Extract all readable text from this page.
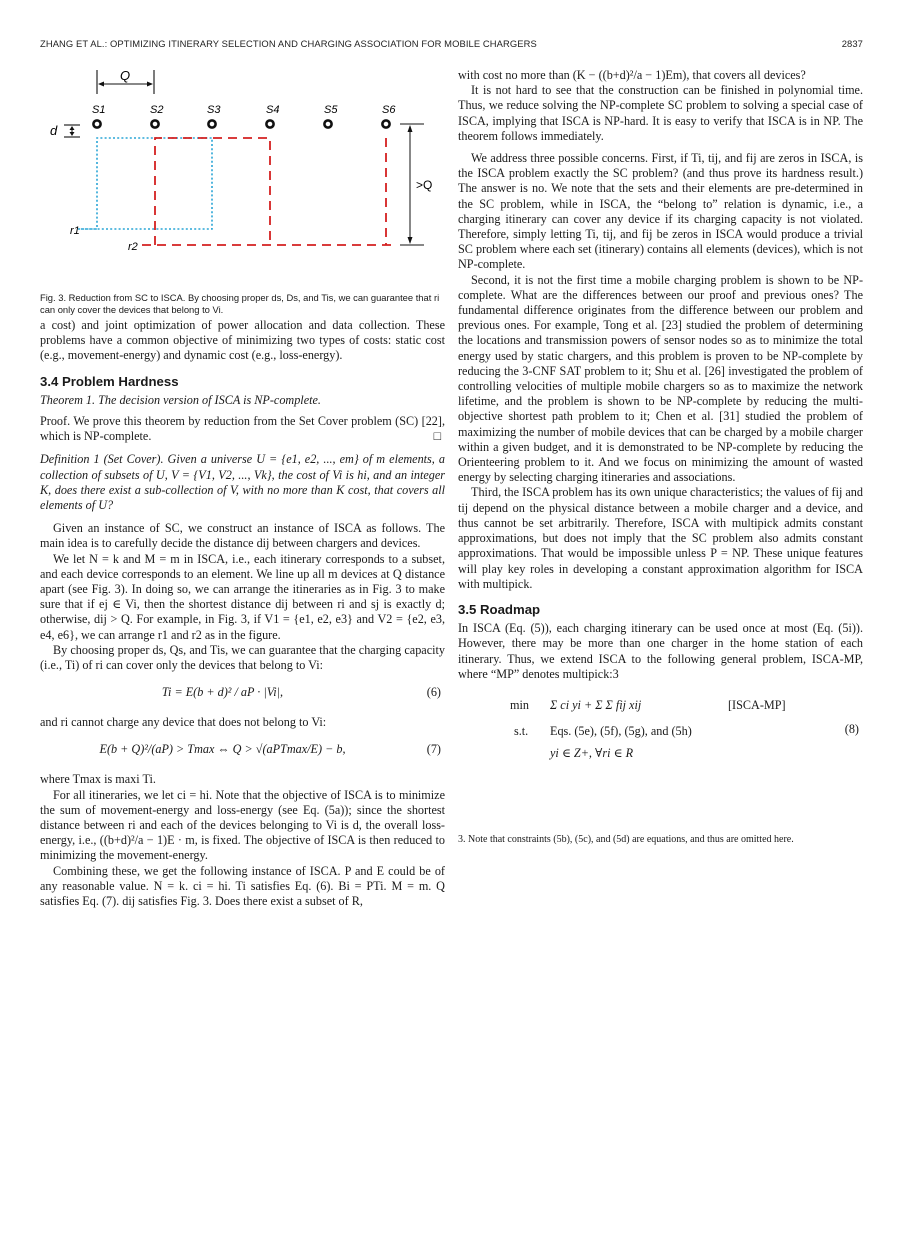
ZHANG ET AL.: OPTIMIZING ITINERARY SELECTION AND CHARGING ASSOCIATION FOR MOBILE CHARGERS	2837
Q
S1	S2	S3	S4	S5	S6
d
r1
r2
>Q
Fig. 3. Reduction from SC to ISCA. By choosing proper ds, Ds, and Tis, we can guarantee that ri can only cover the devices that belong to Vi.

a cost) and joint optimization of power allocation and data collection. These problems have a common objective of minimizing two types of costs: static cost (e.g., movement-energy) and dynamic cost (e.g., loss-energy).

3.4 Problem Hardness

Theorem 1. The decision version of ISCA is NP-complete.

Proof. We prove this theorem by reduction from the Set Cover problem (SC) [22], which is NP-complete.	□

Definition 1 (Set Cover). Given a universe U = {e1, e2, ..., em} of m elements, a collection of subsets of U, V = {V1, V2, ..., Vk}, the cost of Vi is hi, and an integer K, does there exist a sub-collection of V, with no more than K cost, that covers all elements of U?

Given an instance of SC, we construct an instance of ISCA as follows. The main idea is to carefully decide the distance dij between chargers and devices.

We let N = k and M = m in ISCA, i.e., each itinerary corresponds to a subset, and each device corresponds to an element. We line up all m devices at Q distance apart (see Fig. 3). In doing so, we can arrange the itineraries as in Fig. 3 to make sure that if ej ∈ Vi, then the shortest distance dij between ri and sj is exactly d; otherwise, dij > Q. For example, in Fig. 3, if V1 = {e1, e2, e3} and V2 = {e2, e3, e4, e6}, we can arrange r1 and r2 as in the figure.

By choosing proper ds, Qs, and Tis, we can guarantee that the charging capacity (i.e., Ti) of ri can cover only the devices that belong to Vi:

Ti = E(b + d)² / aP · |Vi|,	(6)

and ri cannot charge any device that does not belong to Vi:

E(b + Q)²/(aP) > Tmax ⇔ Q > √(aPTmax/E) − b,	(7)

where Tmax is maxi Ti.

For all itineraries, we let ci = hi. Note that the objective of ISCA is to minimize the sum of movement-energy and loss-energy (see Eq. (5a)); since the shortest distance between ri and each of the devices belonging to Vi is d, the overall loss-energy, i.e., ((b+d)²/a − 1)E · m, is fixed. The objective of ISCA is then reduced to minimizing the movement-energy.

Combining these, we get the following instance of ISCA. P and E could be of any reasonable value. N = k. ci = hi. Ti satisfies Eq. (6). Bi = PTi. M = m. Q satisfies Eq. (7). dij satisfies Fig. 3. Does there exist a subset of R,

with cost no more than (K − ((b+d)²/a − 1)Em), that covers all devices?

It is not hard to see that the construction can be finished in polynomial time. Thus, we reduce solving the NP-complete SC problem to solving a special case of ISCA, implying that ISCA is NP-hard. It is easy to verify that ISCA is in NP. The theorem follows immediately.

We address three possible concerns. First, if Ti, tij, and fij are zeros in ISCA, is the ISCA problem exactly the SC problem? (and thus prove its hardness result.) The answer is no. We note that the sets and their elements are pre-determined in the SC problem, while in ISCA, the “belong to” relation is dynamic, i.e., a charging itinerary can cover any device if its charging capacity is not violated. Therefore, simply letting Ti, tij, and fij be zeros in ISCA would produce a trivial SC problem where each set (itinerary) contains all elements (devices), which is not NP-complete.

Second, it is not the first time a mobile charging problem is shown to be NP-complete. What are the differences between our proof and previous ones? The fundamental difference originates from the difference between our problem and previous ones. For example, Tong et al. [23] studied the problem of determining the locations and transmission powers of sensor nodes so as to minimize the total energy used by static chargers, and this problem is proven to be NP-complete by reducing the 3-CNF SAT problem to it; Shu et al. [26] investigated the problem of controlling velocities of multiple mobile chargers so as to maximize the network lifetime, and the problem is shown to be NP-complete by reducing the multi-objective shortest path problem to it; Chen et al. [31] studied the problem of maximizing the number of mobile devices that can be charged by a mobile charger within a given budget, and it is demonstrated to be NP-complete by reducing the Orienteering problem to it. And we focus on minimizing the amount of wasted energy by selecting charging itineraries and associations.

Third, the ISCA problem has its own unique characteristics; the values of fij and tij depend on the physical distance between a mobile charger and a device, and thus cannot be set arbitrarily. Therefore, ISCA with multipick admits constant approximations, but does not imply that the SC problem also admits constant approximations. That would be impossible unless P = NP. These unique features will play key roles in developing a constant approximation algorithm for ISCA with multipick.

3.5 Roadmap

In ISCA (Eq. (5)), each charging itinerary can be used once at most (Eq. (5i)). However, there may be more than one charger in the home station of each itinerary. Thus, we extend ISCA to the following general problem, ISCA-MP, where “MP” denotes multipick:3

min Σ ci yi + Σ Σ fij xij	[ISCA-MP]
s.t. Eqs. (5e), (5f), (5g), and (5h)
yi ∈ Z+, ∀ri ∈ R
(8)

3. Note that constraints (5b), (5c), and (5d) are equations, and thus are omitted here.
